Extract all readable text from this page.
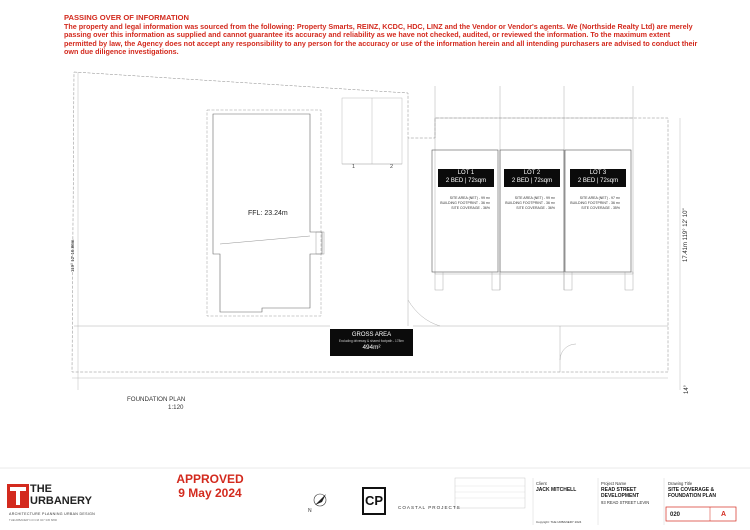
PASSING OVER OF INFORMATION
The property and legal information was sourced from the following: Property Smarts, REINZ, KCDC, HDC, LINZ and the Vendor or Vendor's agents. We (Northside Realty Ltd) are merely passing over this information as supplied and cannot guarantee its accuracy and reliability as we have not checked, audited, or reviewed the information. To the maximum extent permitted by law, the Agency does not accept any responsibility to any person for the accuracy or use of the information herein and all intending purchasers are advised to conduct their own due diligence investigations.
N
1	2
FFL: 23.24m
LOT 1
2 BED | 72sqm
LOT 2
2 BED | 72sqm
LOT 3
2 BED | 72sqm
SITE AREA (NET) - 99 m²
BUILDING FOOTPRINT - 36 m²
SITE COVERAGE - 36%
SITE AREA (NET) - 99 m²
BUILDING FOOTPRINT - 36 m²
SITE COVERAGE - 36%
SITE AREA (NET) - 97 m²
BUILDING FOOTPRINT - 36 m²
SITE COVERAGE - 35%
GROSS AREA
Excluding driveway & shared footpath - 178m²
494m²
17.41m 119° 12' 10"
119° 12' 10.86m
14°
FOUNDATION PLAN
1:120
THE
URBANERY
ARCHITECTURE PLANNING URBAN DESIGN
THEURBANERY.CO.NZ 027 345 6890
APPROVED
9 May 2024	CP	COASTAL PROJECTS
Client
JACK MITCHELL
Copyright: THE URBANERY 2024
Project Name
READ STREET DEVELOPMENT
93 READ STREET LEVIN
Drawing Title
SITE COVERAGE & FOUNDATION PLAN
020	A
